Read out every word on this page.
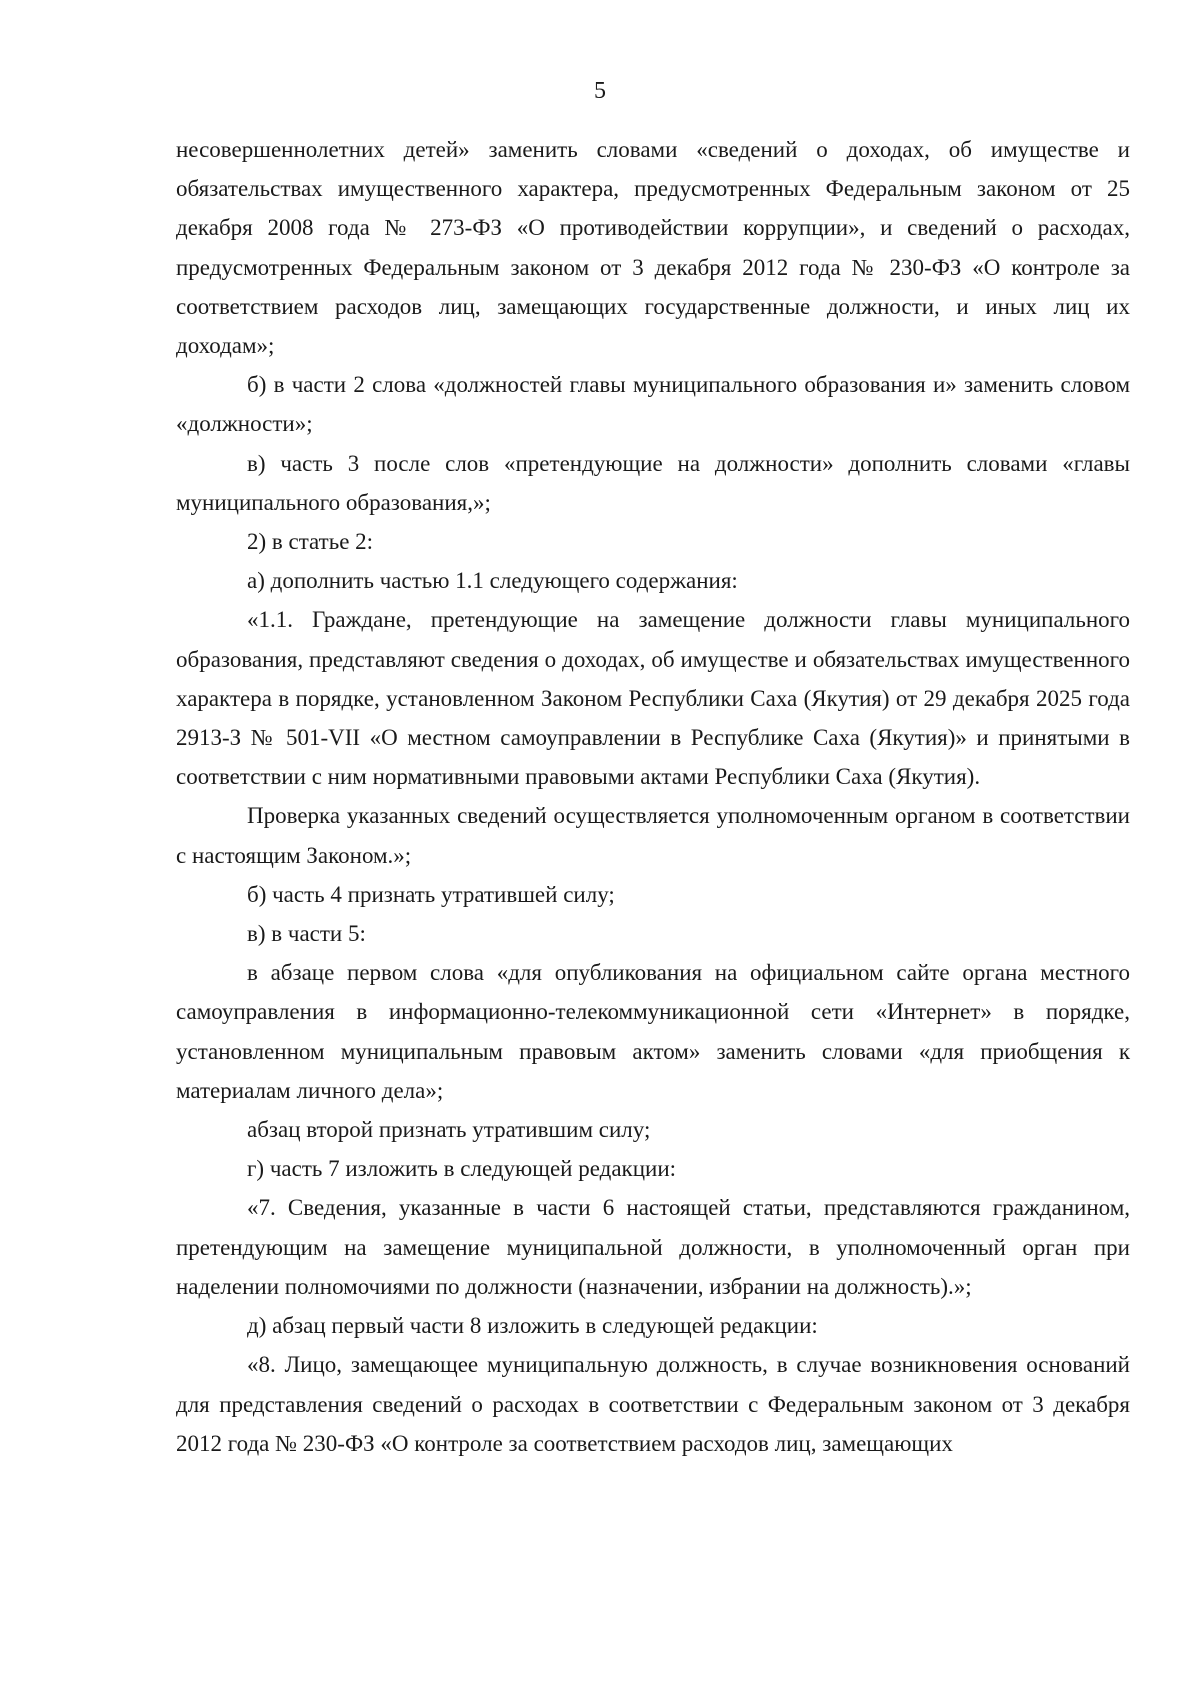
5

несовершеннолетних детей» заменить словами «сведений о доходах, об имуществе и обязательствах имущественного характера, предусмотренных Федеральным законом от 25 декабря 2008 года № 273-ФЗ «О противодействии коррупции», и сведений о расходах, предусмотренных Федеральным законом от 3 декабря 2012 года № 230-ФЗ «О контроле за соответствием расходов лиц, замещающих государственные должности, и иных лиц их доходам»;

б) в части 2 слова «должностей главы муниципального образования и» заменить словом «должности»;

в) часть 3 после слов «претендующие на должности» дополнить словами «главы муниципального образования,»;

2) в статье 2:

а) дополнить частью 1.1 следующего содержания:

«1.1. Граждане, претендующие на замещение должности главы муниципального образования, представляют сведения о доходах, об имуществе и обязательствах имущественного характера в порядке, установленном Законом Республики Саха (Якутия) от 29 декабря 2025 года 2913-З № 501-VII «О местном самоуправлении в Республике Саха (Якутия)» и принятыми в соответствии с ним нормативными правовыми актами Республики Саха (Якутия).

Проверка указанных сведений осуществляется уполномоченным органом в соответствии с настоящим Законом.»;

б) часть 4 признать утратившей силу;

в) в части 5:

в абзаце первом слова «для опубликования на официальном сайте органа местного самоуправления в информационно-телекоммуникационной сети «Интернет» в порядке, установленном муниципальным правовым актом» заменить словами «для приобщения к материалам личного дела»;

абзац второй признать утратившим силу;

г) часть 7 изложить в следующей редакции:

«7. Сведения, указанные в части 6 настоящей статьи, представляются гражданином, претендующим на замещение муниципальной должности, в уполномоченный орган при наделении полномочиями по должности (назначении, избрании на должность).»;

д) абзац первый части 8 изложить в следующей редакции:

«8. Лицо, замещающее муниципальную должность, в случае возникновения оснований для представления сведений о расходах в соответствии с Федеральным законом от 3 декабря 2012 года № 230-ФЗ «О контроле за соответствием расходов лиц, замещающих
